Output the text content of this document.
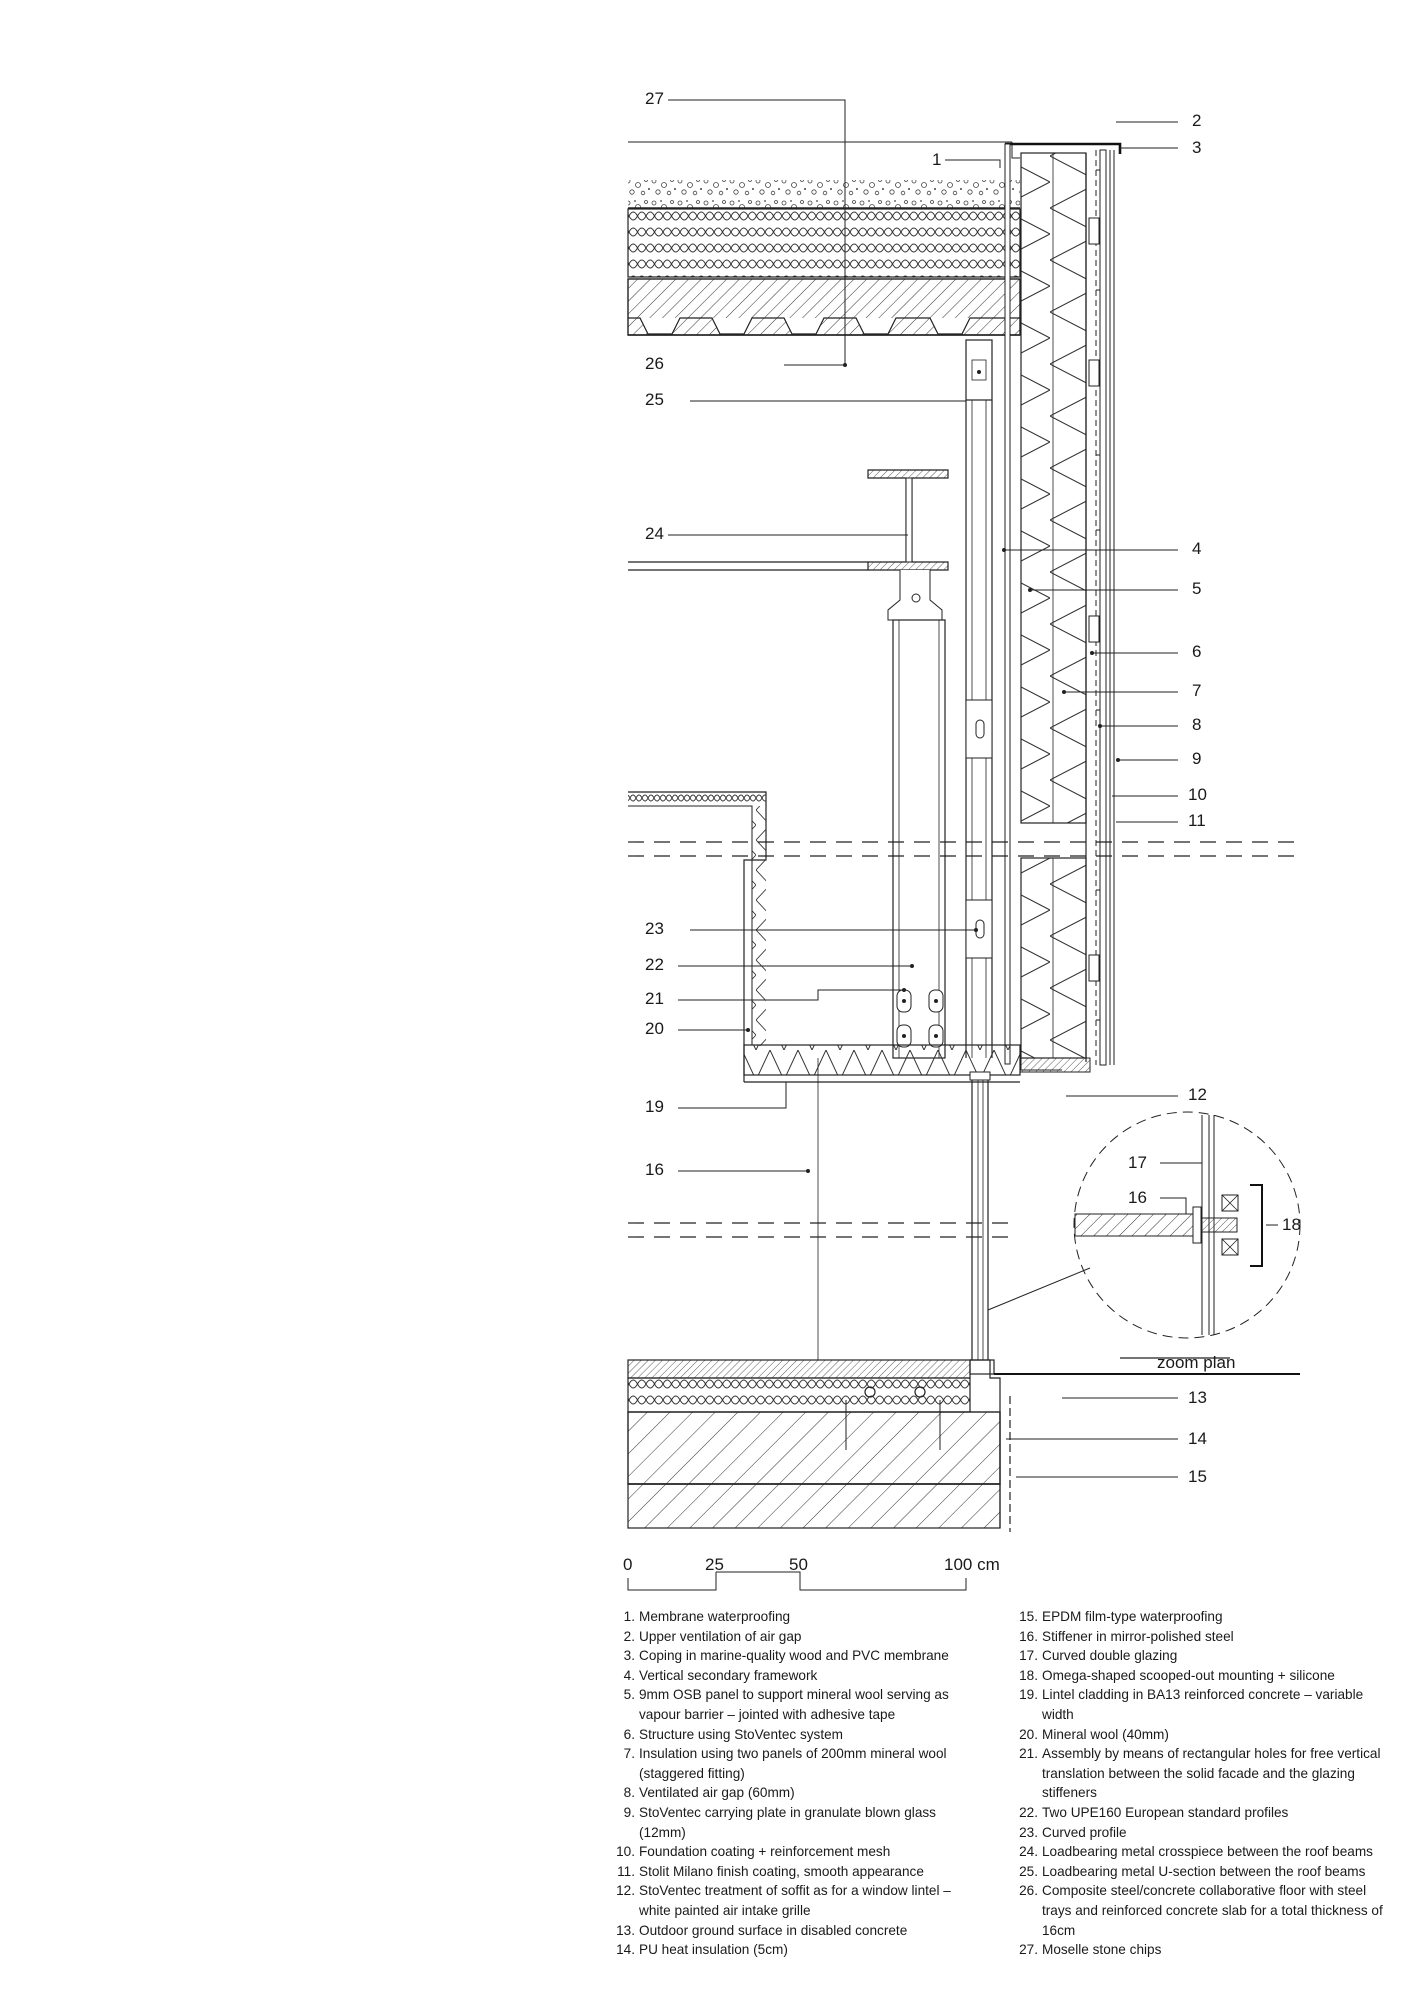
27
1
2
3
26
25
24
4
5
6
7
8
9
10
11
23
22
21
20
12
19
16	17
16
18
zoom plan
13
14
15
0	25	50	100 cm
1. Membrane waterproofing
2. Upper ventilation of air gap
3. Coping in marine-quality wood and PVC membrane
4. Vertical secondary framework
5. 9mm OSB panel to support mineral wool serving as vapour barrier – jointed with adhesive tape
6. Structure using StoVentec system
7. Insulation using two panels of 200mm mineral wool (staggered fitting)
8. Ventilated air gap (60mm)
9. StoVentec carrying plate in granulate blown glass (12mm)
10. Foundation coating + reinforcement mesh
11. Stolit Milano finish coating, smooth appearance
12. StoVentec treatment of soffit as for a window lintel – white painted air intake grille
13. Outdoor ground surface in disabled concrete
14. PU heat insulation (5cm)
15. EPDM film-type waterproofing
16. Stiffener in mirror-polished steel
17. Curved double glazing
18. Omega-shaped scooped-out mounting + silicone
19. Lintel cladding in BA13 reinforced concrete – variable width
20. Mineral wool (40mm)
21. Assembly by means of rectangular holes for free vertical translation between the solid facade and the glazing stiffeners
22. Two UPE160 European standard profiles
23. Curved profile
24. Loadbearing metal crosspiece between the roof beams
25. Loadbearing metal U-section between the roof beams
26. Composite steel/concrete collaborative floor with steel trays and reinforced concrete slab for a total thickness of 16cm
27. Moselle stone chips
